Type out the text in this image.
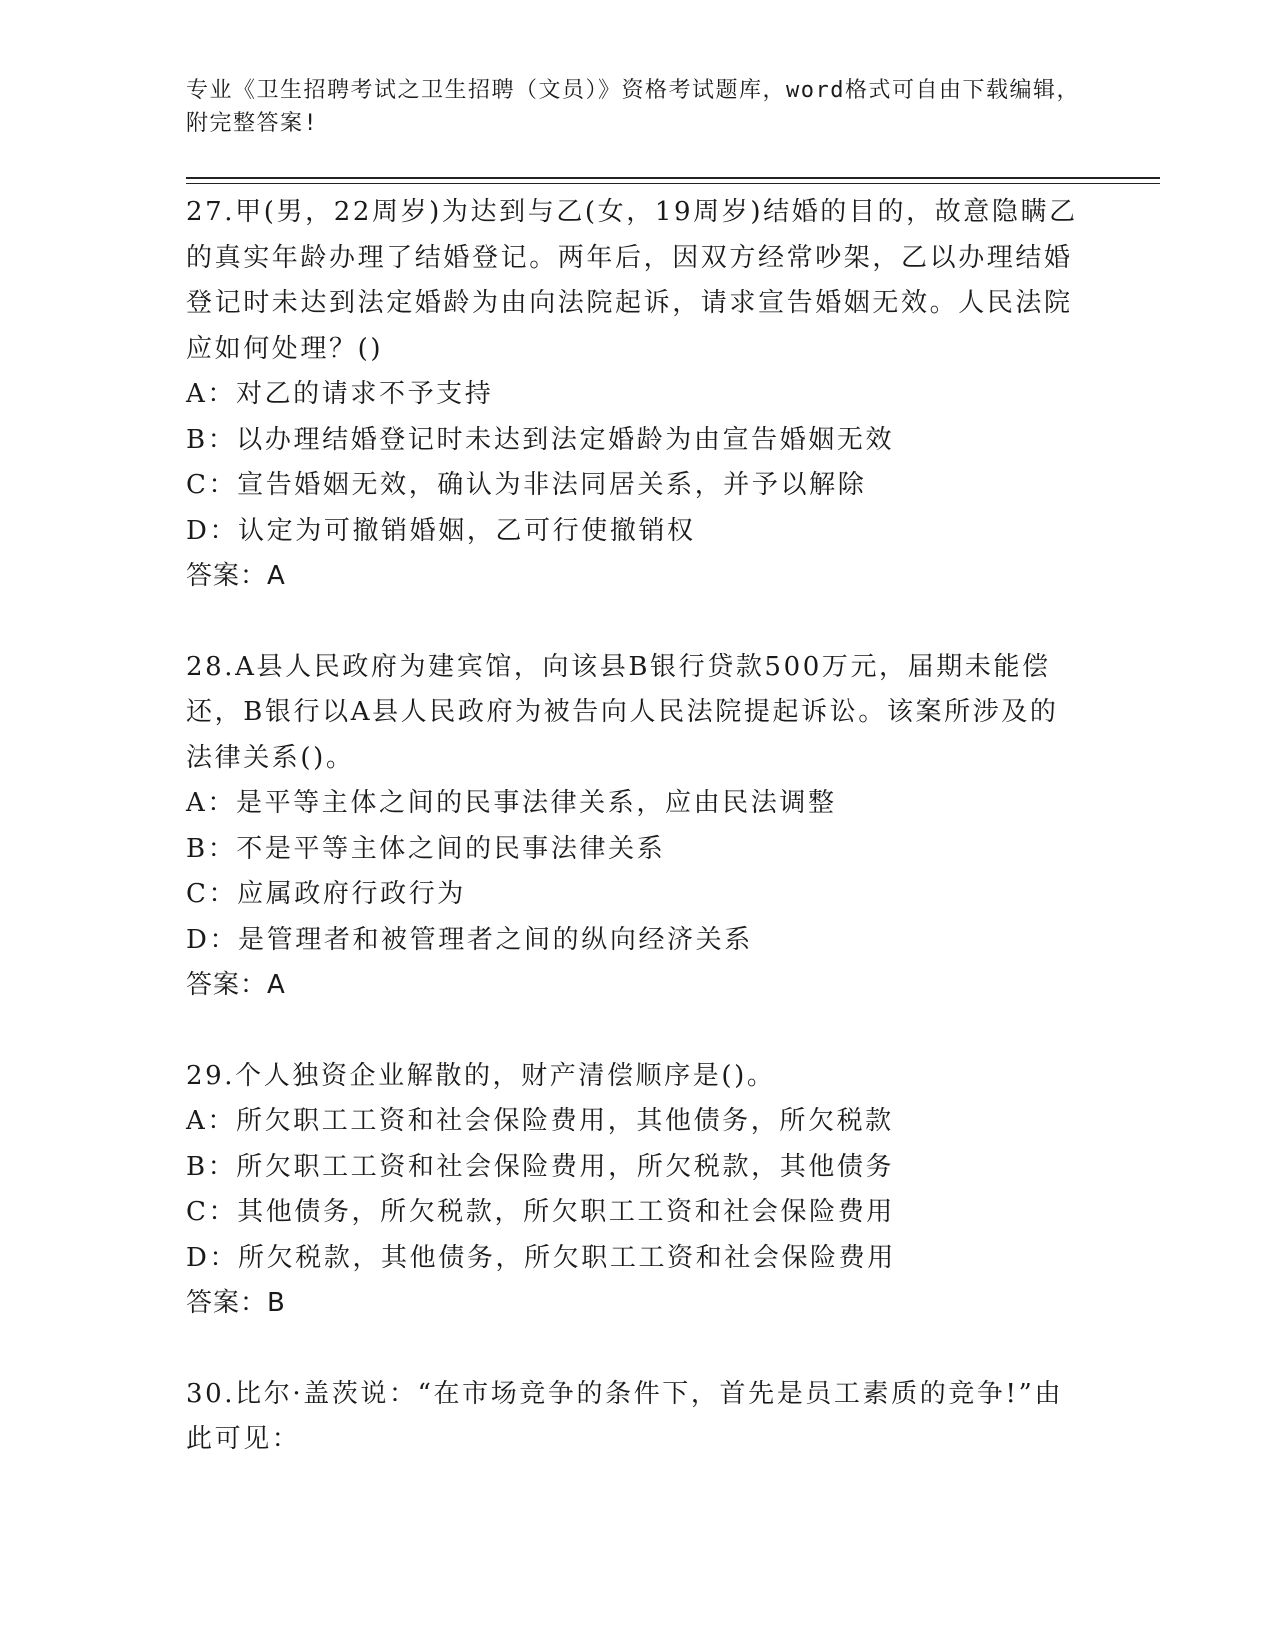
专业《卫生招聘考试之卫生招聘（文员）》资格考试题库，word格式可自由下载编辑，附完整答案!

27.甲(男，22周岁)为达到与乙(女，19周岁)结婚的目的，故意隐瞒乙的真实年龄办理了结婚登记。两年后，因双方经常吵架，乙以办理结婚登记时未达到法定婚龄为由向法院起诉，请求宣告婚姻无效。人民法院应如何处理？()

A：对乙的请求不予支持

B：以办理结婚登记时未达到法定婚龄为由宣告婚姻无效

C：宣告婚姻无效，确认为非法同居关系，并予以解除

D：认定为可撤销婚姻，乙可行使撤销权

答案：A

28.A县人民政府为建宾馆，向该县B银行贷款500万元，届期未能偿还，B银行以A县人民政府为被告向人民法院提起诉讼。该案所涉及的法律关系()。

A：是平等主体之间的民事法律关系，应由民法调整

B：不是平等主体之间的民事法律关系

C：应属政府行政行为

D：是管理者和被管理者之间的纵向经济关系

答案：A

29.个人独资企业解散的，财产清偿顺序是()。

A：所欠职工工资和社会保险费用，其他债务，所欠税款

B：所欠职工工资和社会保险费用，所欠税款，其他债务

C：其他债务，所欠税款，所欠职工工资和社会保险费用

D：所欠税款，其他债务，所欠职工工资和社会保险费用

答案：B

30.比尔·盖茨说：“在市场竞争的条件下，首先是员工素质的竞争!”由此可见：
